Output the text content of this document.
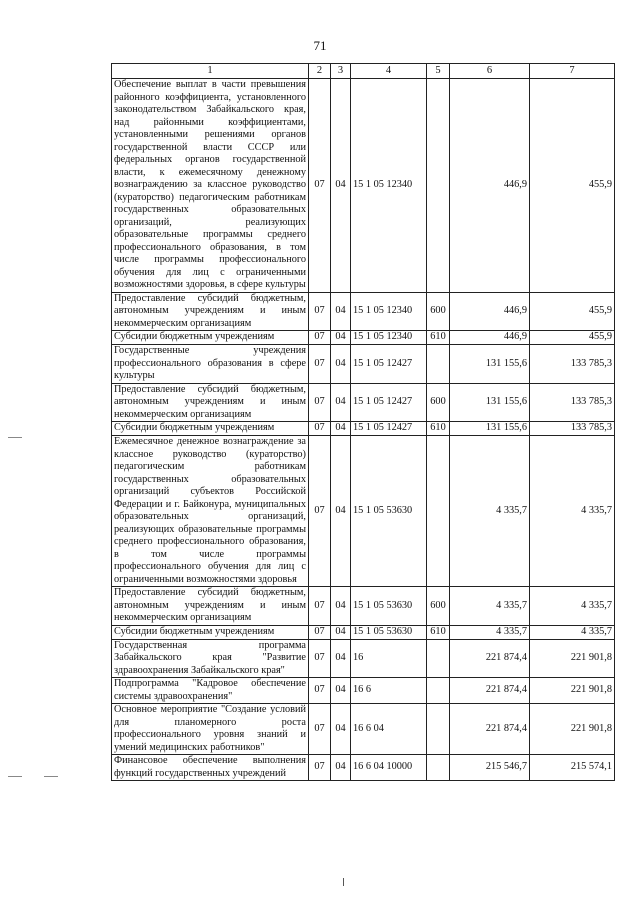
71
1	2	3	4	5	6	7
Обеспечение выплат в части превышения районного коэффициента, установленного законодательством Забайкальского края, над районными коэффициентами, установленными решениями органов государственной власти СССР или федеральных органов государственной власти, к ежемесячному денежному вознаграждению за классное руководство (кураторство) педагогическим работникам государственных образовательных организаций, реализующих образовательные программы среднего профессионального образования, в том числе программы профессионального обучения для лиц с ограниченными возможностями здоровья, в сфере культуры	07	04	15 1 05 12340		446,9	455,9
Предоставление субсидий бюджетным, автономным учреждениям и иным некоммерческим организациям	07	04	15 1 05 12340	600	446,9	455,9
Субсидии бюджетным учреждениям	07	04	15 1 05 12340	610	446,9	455,9
Государственные учреждения профессионального образования в сфере культуры	07	04	15 1 05 12427		131 155,6	133 785,3
Предоставление субсидий бюджетным, автономным учреждениям и иным некоммерческим организациям	07	04	15 1 05 12427	600	131 155,6	133 785,3
Субсидии бюджетным учреждениям	07	04	15 1 05 12427	610	131 155,6	133 785,3
Ежемесячное денежное вознаграждение за классное руководство (кураторство) педагогическим работникам государственных образовательных организаций субъектов Российской Федерации и г. Байконура, муниципальных образовательных организаций, реализующих образовательные программы среднего профессионального образования, в том числе программы профессионального обучения для лиц с ограниченными возможностями здоровья	07	04	15 1 05 53630		4 335,7	4 335,7
Предоставление субсидий бюджетным, автономным учреждениям и иным некоммерческим организациям	07	04	15 1 05 53630	600	4 335,7	4 335,7
Субсидии бюджетным учреждениям	07	04	15 1 05 53630	610	4 335,7	4 335,7
Государственная программа Забайкальского края "Развитие здравоохранения Забайкальского края"	07	04	16		221 874,4	221 901,8
Подпрограмма "Кадровое обеспечение системы здравоохранения"	07	04	16 6		221 874,4	221 901,8
Основное мероприятие "Создание условий для планомерного роста профессионального уровня знаний и умений медицинских работников"	07	04	16 6 04		221 874,4	221 901,8
Финансовое обеспечение выполнения функций государственных учреждений	07	04	16 6 04 10000		215 546,7	215 574,1
